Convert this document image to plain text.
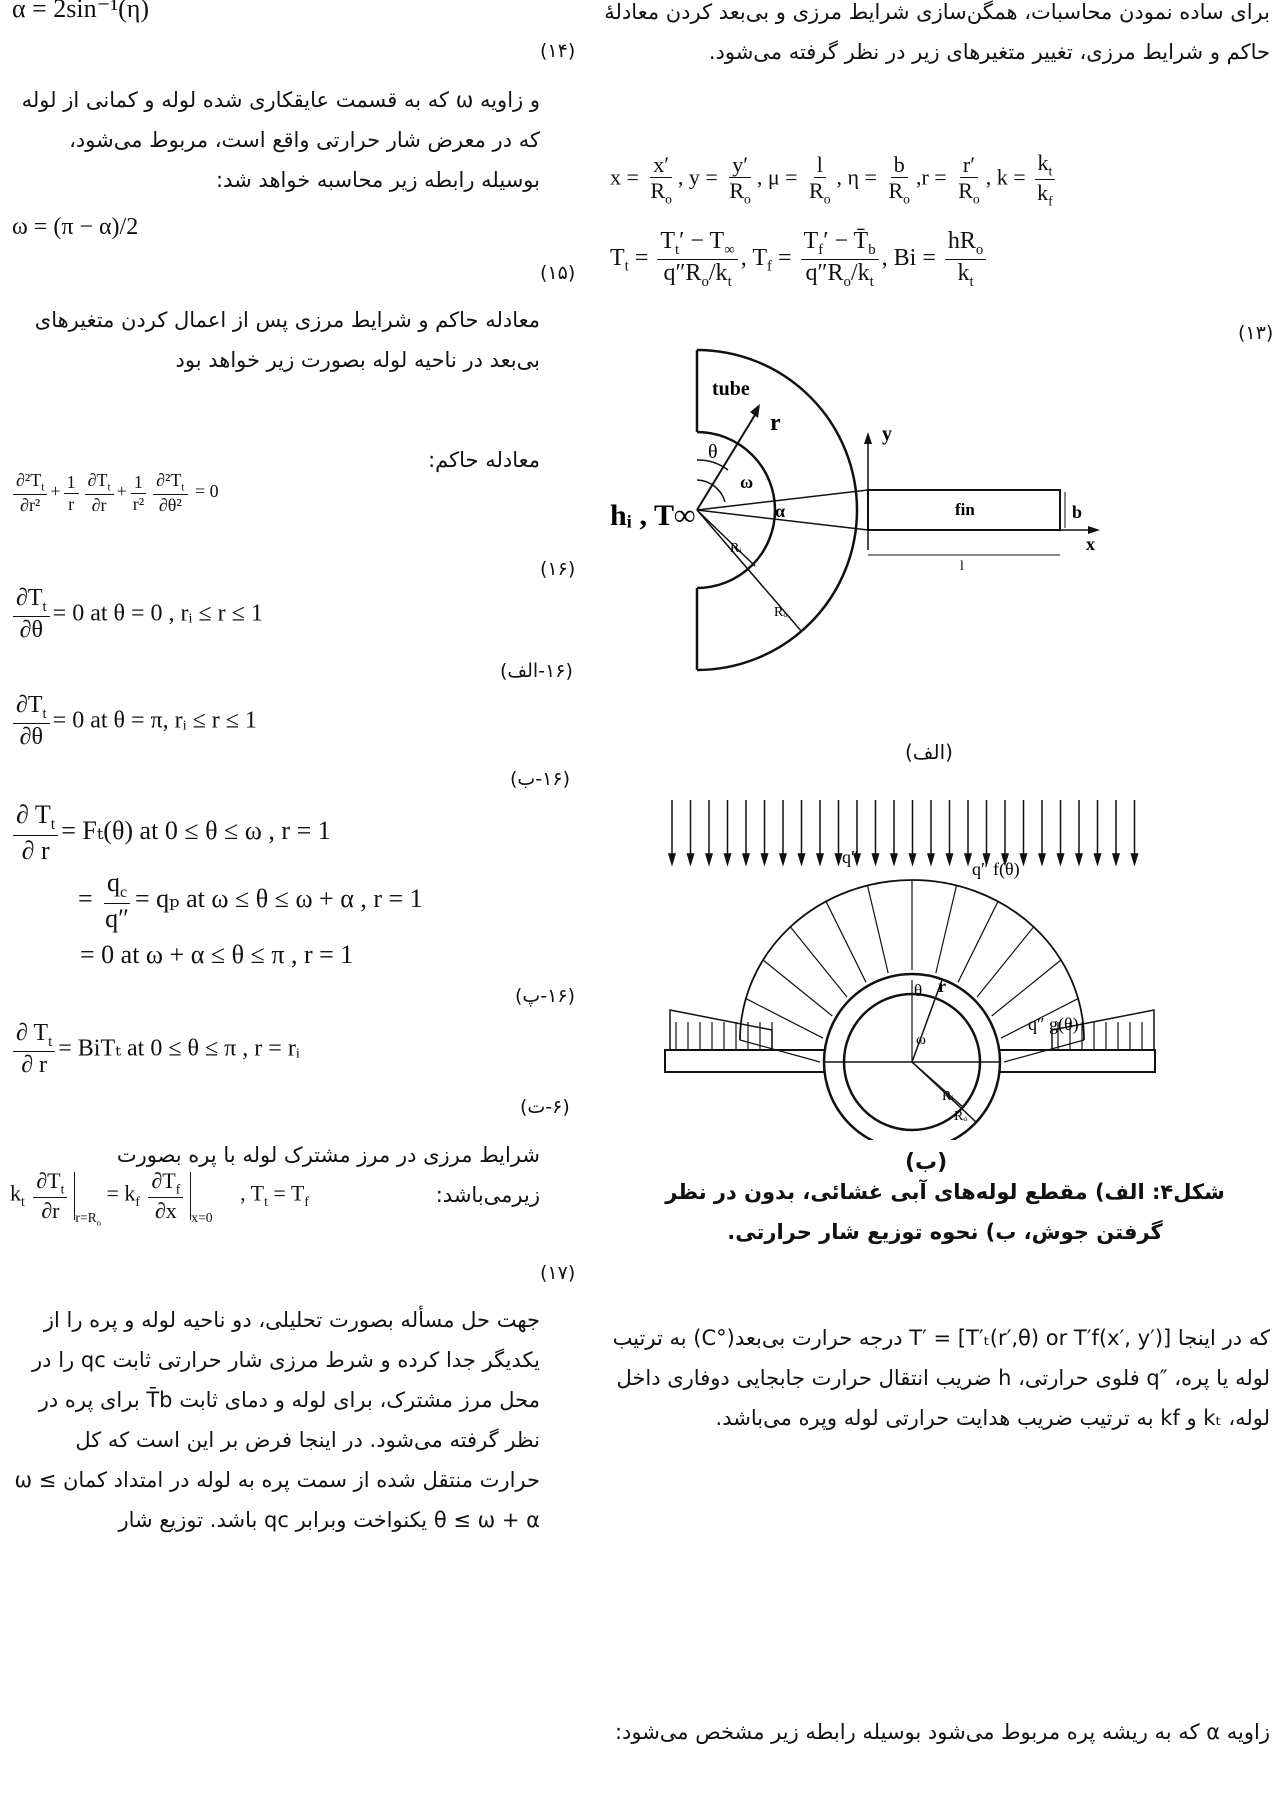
α = 2sin⁻¹(η)
(۱۴)
و زاویه ω که به قسمت عایقکاری شده لوله و کمانی از لوله که در معرض شار حرارتی واقع است، مربوط می‌شود، بوسیله رابطه زیر محاسبه خواهد شد:
ω = (π − α)/2
(۱۵)
معادله حاکم و شرایط مرزی پس از اعمال کردن متغیرهای بی‌بعد در ناحیه لوله بصورت زیر خواهد بود
معادله حاکم:
$\frac{\partial^2T_t}{\text{∂r²}} + \frac{1}{r} \frac{\partial T_t}{\partial r} + \frac{1}{\text{r²}} \frac{\partial^2T_t}{\text{∂θ²}} = 0$
(۱۶)
$\frac{\partial T_t}{\partial\theta} = 0$ at θ = 0 , rᵢ ≤ r ≤ 1
(۱۶-الف)
$\frac{\partial T_t}{\partial\theta} = 0$ at θ = π, rᵢ ≤ r ≤ 1
(۱۶-ب)
$\frac{\partial T_t}{\partial r} = F_t(\theta)$ at 0 ≤ θ ≤ ω , r = 1
= $\frac{q_c}{q''} = q_p$ at ω ≤ θ ≤ ω + α , r = 1
= 0 at ω + α ≤ θ ≤ π , r = 1
(۱۶-پ)
$\frac{\partial T_t}{\partial r} = BiT_t$ at 0 ≤ θ ≤ π , r = rᵢ
(۶-ت)
شرایط مرزی در مرز مشترک لوله با پره بصورت زیرمی‌باشد:
$k_t \frac{\partial T_t}{\partial r} _{r=R_o} = k_f \frac{\partial T_f}{\partial x} _{x=0}$     , $T_t = T_f$
(۱۷)
جهت حل مسأله بصورت تحلیلی، دو ناحیه لوله و پره را از یکدیگر جدا کرده و شرط مرزی شار حرارتی ثابت qc را در محل مرز مشترک، برای لوله و دمای ثابت T̄b برای پره در نظر گرفته می‌شود. در اینجا فرض بر این است که کل حرارت منتقل شده از سمت پره به لوله در امتداد کمان ω ≤ θ ≤ ω + α یکنواخت وبرابر qc باشد. توزیع شار
برای ساده نمودن محاسبات، همگن‌سازی شرایط مرزی و بی‌بعد کردن معادلهٔ حاکم و شرایط مرزی، تغییر متغیرهای زیر در نظر گرفته می‌شود.
$x = \frac{x'}{R_o}$ , $y = \frac{y'}{R_o}$ , $\mu = \frac{l}{R_o}$ , $\eta = \frac{b}{R_o} ,r = \frac{r'}{R_o}$ , $k = \frac{k_t}{k_f}$
$T_t = \frac{T_t' - T_\infty}{q''R_o/k_t}$ , $T_f = \frac{T_f' - T̄_b}{q''R_o/k_t}$ , $Bi = \frac{hR_o}{k_t}$
(۱۳)
tube
r	y
θ
ω
α
hᵢ , T∞	fin	b
x
Rᵢ
Rₒ
l
(الف)
q″
q″ f(θ)
q″ g(θ)
θ r
ω
Rᵢ
Rₒ
(ب)
شکل۴: الف) مقطع لوله‌های آبی غشائی، بدون در نظر
گرفتن جوش، ب) نحوه توزیع شار حرارتی.
که در اینجا T′ = [T′ₜ(r′,θ) or T′f(x′, y′)] درجه حرارت بی‌بعد(°C) به ترتیب لوله یا پره، ″q فلوی حرارتی، h ضریب انتقال حرارت جابجایی دوفاری داخل لوله، kₜ و kf به ترتیب ضریب هدایت حرارتی لوله وپره می‌باشد.
زاویه α که به ریشه پره مربوط می‌شود بوسیله رابطه زیر مشخص می‌شود:
